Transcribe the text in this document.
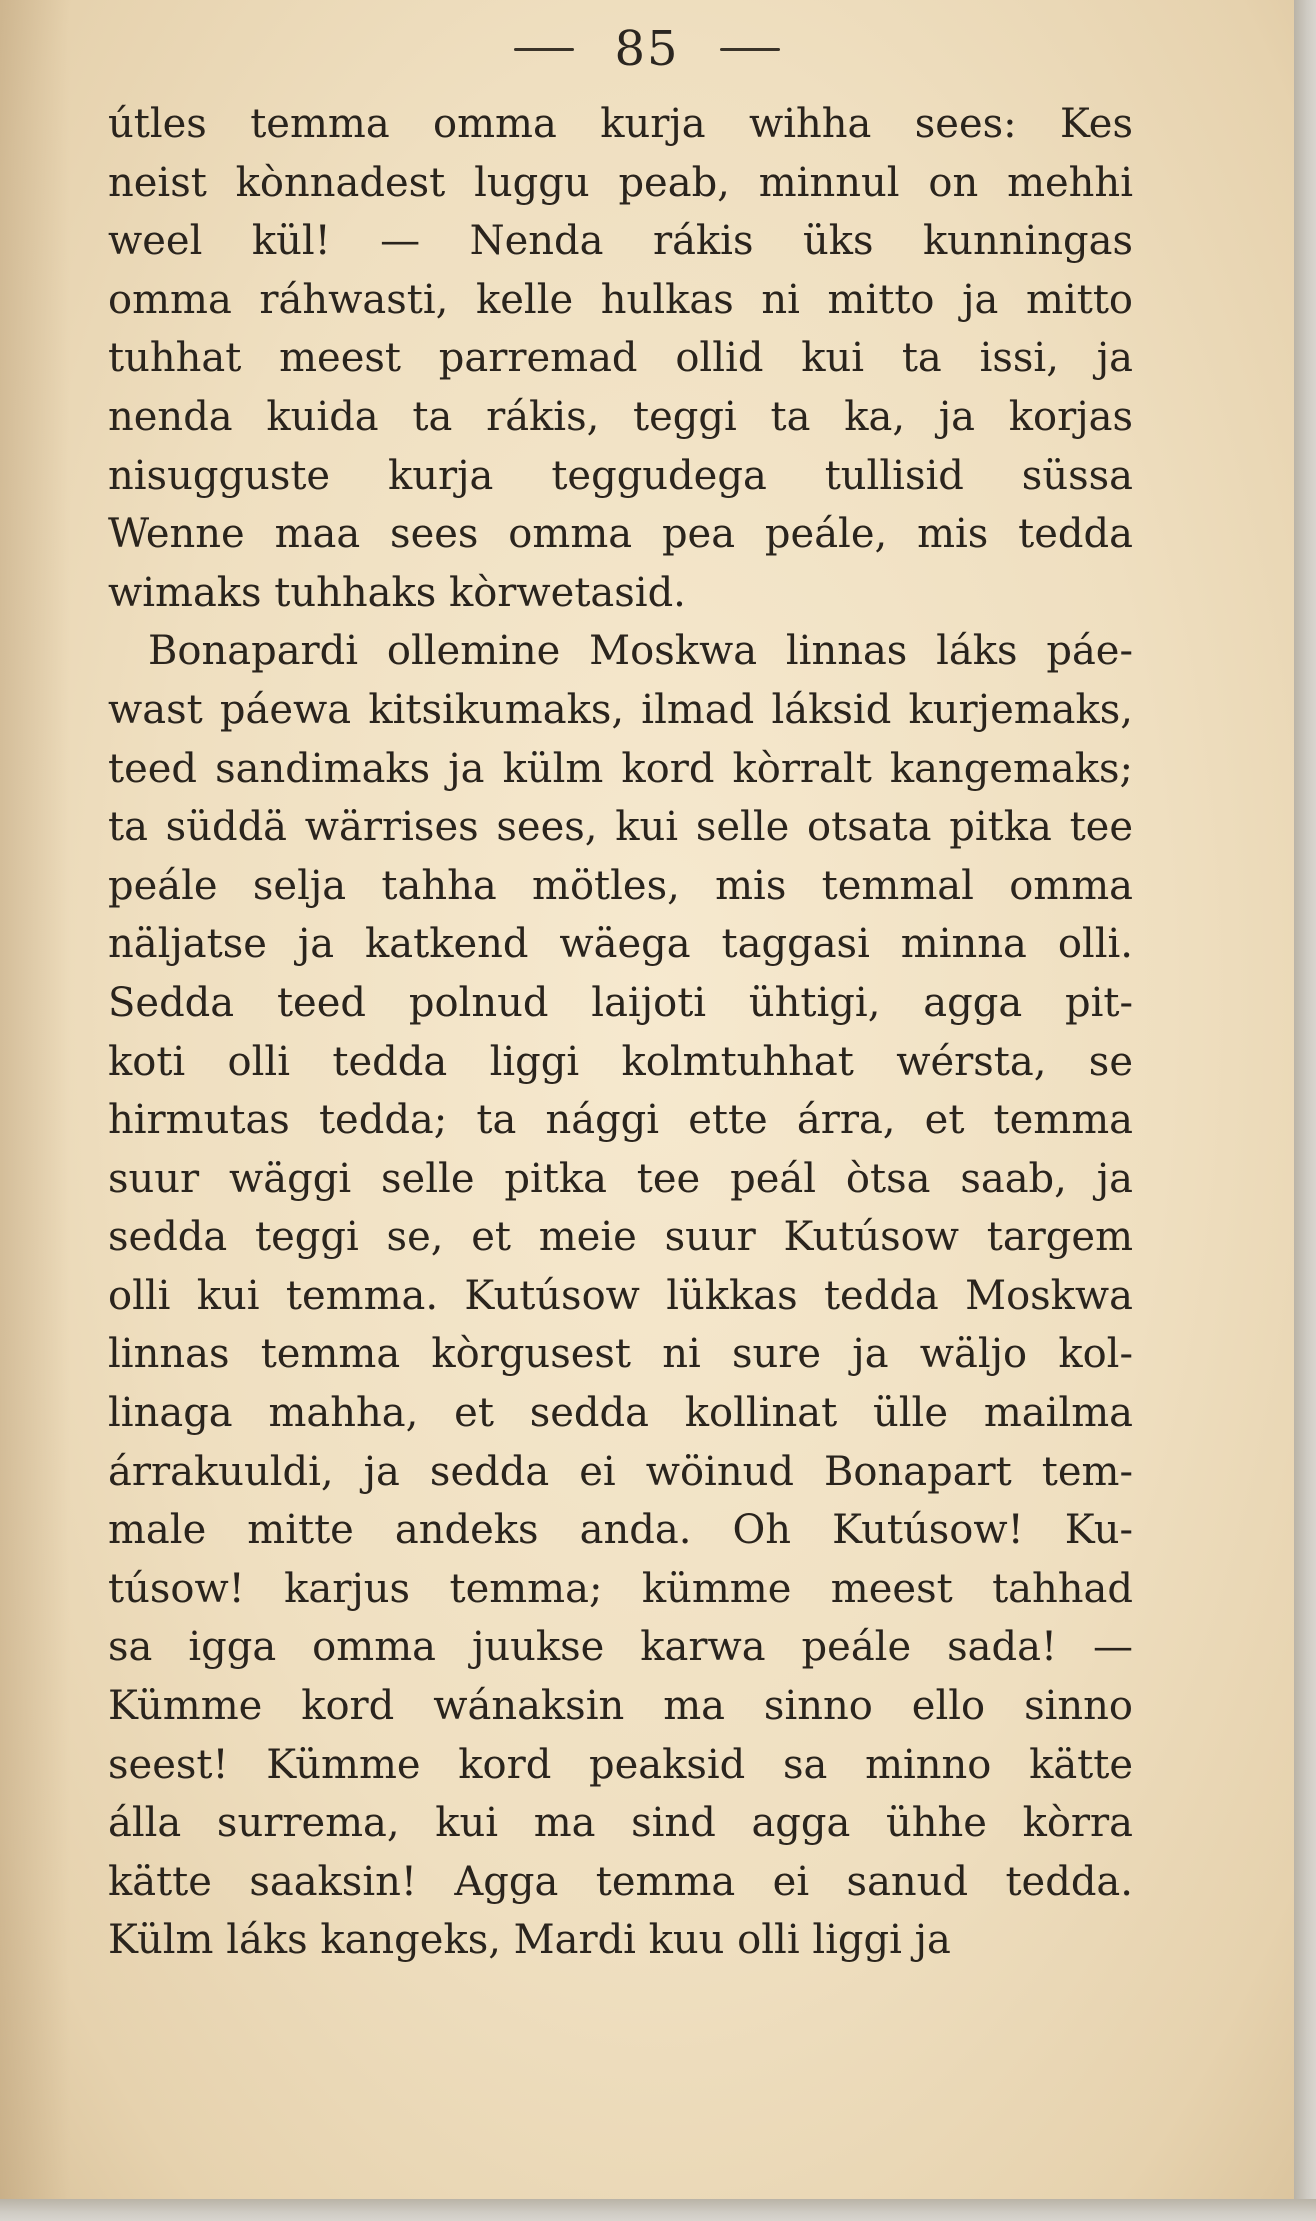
85
útles temma omma kurja wihha sees: Kes
neist kònnadest luggu peab, minnul on mehhi
weel kül! — Nenda rákis üks kunningas
omma ráhwasti, kelle hulkas ni mitto ja mitto
tuhhat meest parremad ollid kui ta issi, ja
nenda kuida ta rákis, teggi ta ka, ja korjas
nisugguste kurja teggudega tullisid süssa
Wenne maa sees omma pea peále, mis tedda
wimaks tuhhaks kòrwetasid.
Bonapardi ollemine Moskwa linnas láks páe-
wast páewa kitsikumaks, ilmad láksid kurjemaks,
teed sandimaks ja külm kord kòrralt kangemaks;
ta süddä wärrises sees, kui selle otsata pitka tee
peále selja tahha mötles, mis temmal omma
näljatse ja katkend wäega taggasi minna olli.
Sedda teed polnud laijoti ühtigi, agga pit-
koti olli tedda liggi kolmtuhhat wérsta, se
hirmutas tedda; ta nággi ette árra, et temma
suur wäggi selle pitka tee peál òtsa saab, ja
sedda teggi se, et meie suur Kutúsow targem
olli kui temma. Kutúsow lükkas tedda Moskwa
linnas temma kòrgusest ni sure ja wäljo kol-
linaga mahha, et sedda kollinat ülle mailma
árrakuuldi, ja sedda ei wöinud Bonapart tem-
male mitte andeks anda. Oh Kutúsow! Ku-
túsow! karjus temma; kümme meest tahhad
sa igga omma juukse karwa peále sada! —
Kümme kord wánaksin ma sinno ello sinno
seest! Kümme kord peaksid sa minno kätte
álla surrema, kui ma sind agga ühhe kòrra
kätte saaksin! Agga temma ei sanud tedda.
Külm láks kangeks, Mardi kuu olli liggi ja
